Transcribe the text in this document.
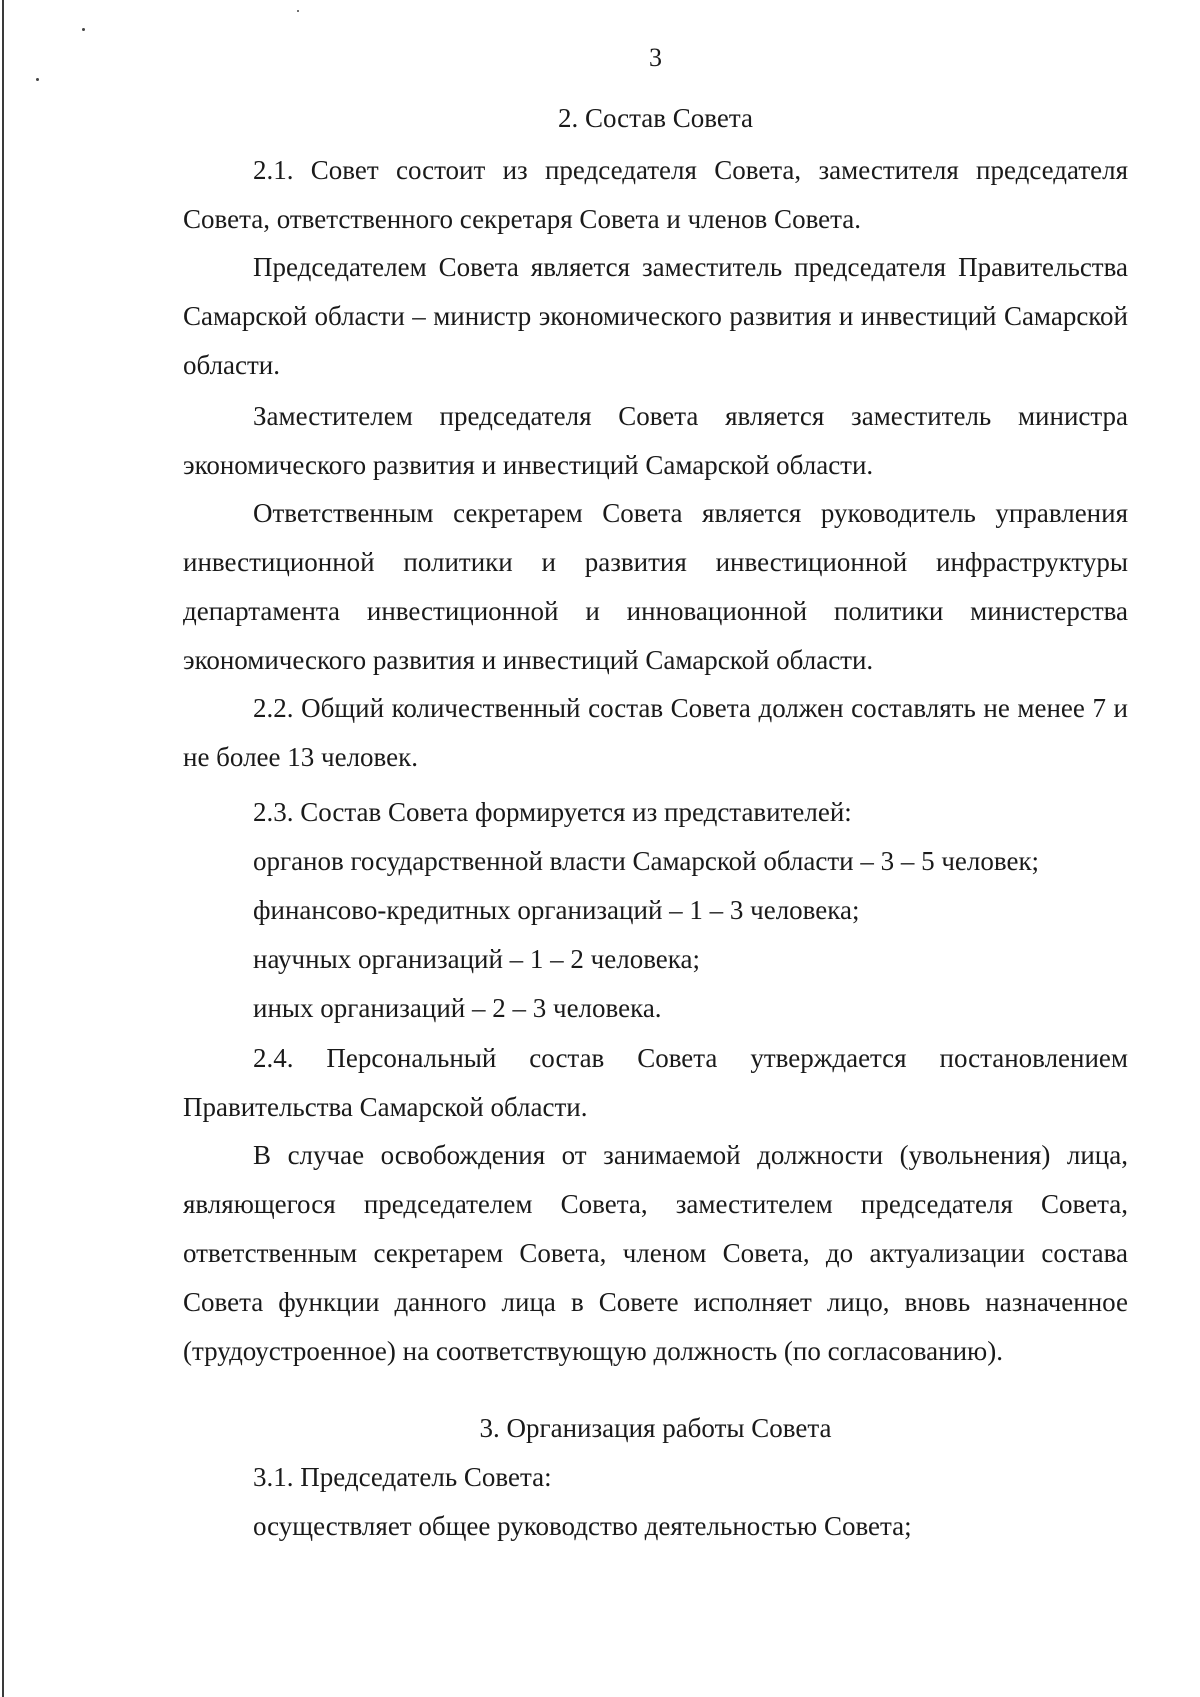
3
2. Состав Совета

2.1. Совет состоит из председателя Совета, заместителя председателя Совета, ответственного секретаря Совета и членов Совета.

Председателем Совета является заместитель председателя Правительства Самарской области – министр экономического развития и инвестиций Самарской области.

Заместителем председателя Совета является заместитель министра экономического развития и инвестиций Самарской области.

Ответственным секретарем Совета является руководитель управления инвестиционной политики и развития инвестиционной инфраструктуры департамента инвестиционной и инновационной политики министерства экономического развития и инвестиций Самарской области.

2.2. Общий количественный состав Совета должен составлять не менее 7 и не более 13 человек.

2.3. Состав Совета формируется из представителей:
органов государственной власти Самарской области – 3 – 5 человек;
финансово-кредитных организаций – 1 – 3 человека;
научных организаций – 1 – 2 человека;
иных организаций – 2 – 3 человека.

2.4. Персональный состав Совета утверждается постановлением Правительства Самарской области.

В случае освобождения от занимаемой должности (увольнения) лица, являющегося председателем Совета, заместителем председателя Совета, ответственным секретарем Совета, членом Совета, до актуализации состава Совета функции данного лица в Совете исполняет лицо, вновь назначенное (трудоустроенное) на соответствующую должность (по согласованию).

3. Организация работы Совета
3.1. Председатель Совета:
осуществляет общее руководство деятельностью Совета;
